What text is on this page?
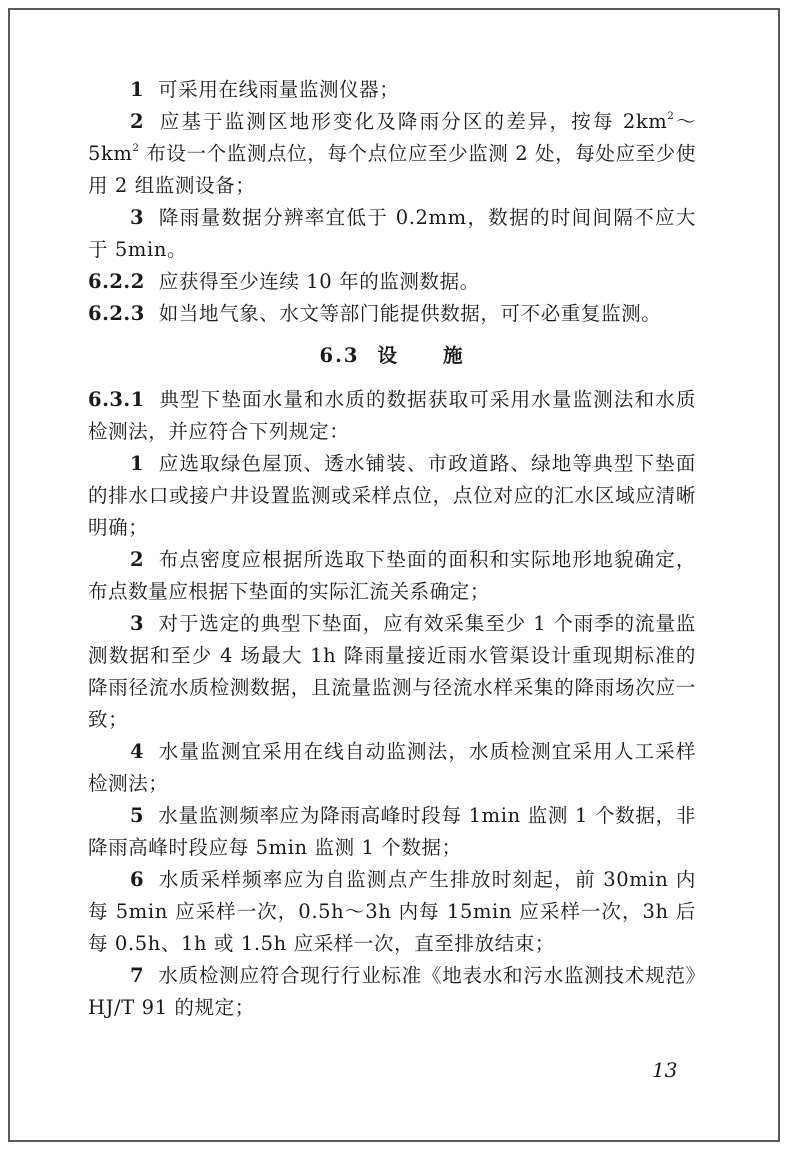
1 可采用在线雨量监测仪器；

2 应基于监测区地形变化及降雨分区的差异，按每 $2km^2\sim 5km^2$ 布设一个监测点位，每个点位应至少监测 2 处，每处应至少使用 2 组监测设备；

3 降雨量数据分辨率宜低于 0.2mm，数据的时间间隔不应大于 5min。

6.2.2 应获得至少连续 10 年的监测数据。

6.2.3 如当地气象、水文等部门能提供数据，可不必重复监测。

6.3 设 施

6.3.1 典型下垫面水量和水质的数据获取可采用水量监测法和水质检测法，并应符合下列规定：

1 应选取绿色屋顶、透水铺装、市政道路、绿地等典型下垫面的排水口或接户井设置监测或采样点位，点位对应的汇水区域应清晰明确；

2 布点密度应根据所选取下垫面的面积和实际地形地貌确定，布点数量应根据下垫面的实际汇流关系确定；

3 对于选定的典型下垫面，应有效采集至少 1 个雨季的流量监测数据和至少 4 场最大 1h 降雨量接近雨水管渠设计重现期标准的降雨径流水质检测数据，且流量监测与径流水样采集的降雨场次应一致；

4 水量监测宜采用在线自动监测法，水质检测宜采用人工采样检测法；

5 水量监测频率应为降雨高峰时段每 1min 监测 1 个数据，非降雨高峰时段应每 5min 监测 1 个数据；

6 水质采样频率应为自监测点产生排放时刻起，前 30min 内每 5min 应采样一次，0.5h～3h 内每 15min 应采样一次，3h 后每 0.5h、1h 或 1.5h 应采样一次，直至排放结束；

7 水质检测应符合现行行业标准《地表水和污水监测技术规范》HJ/T 91 的规定；

13
